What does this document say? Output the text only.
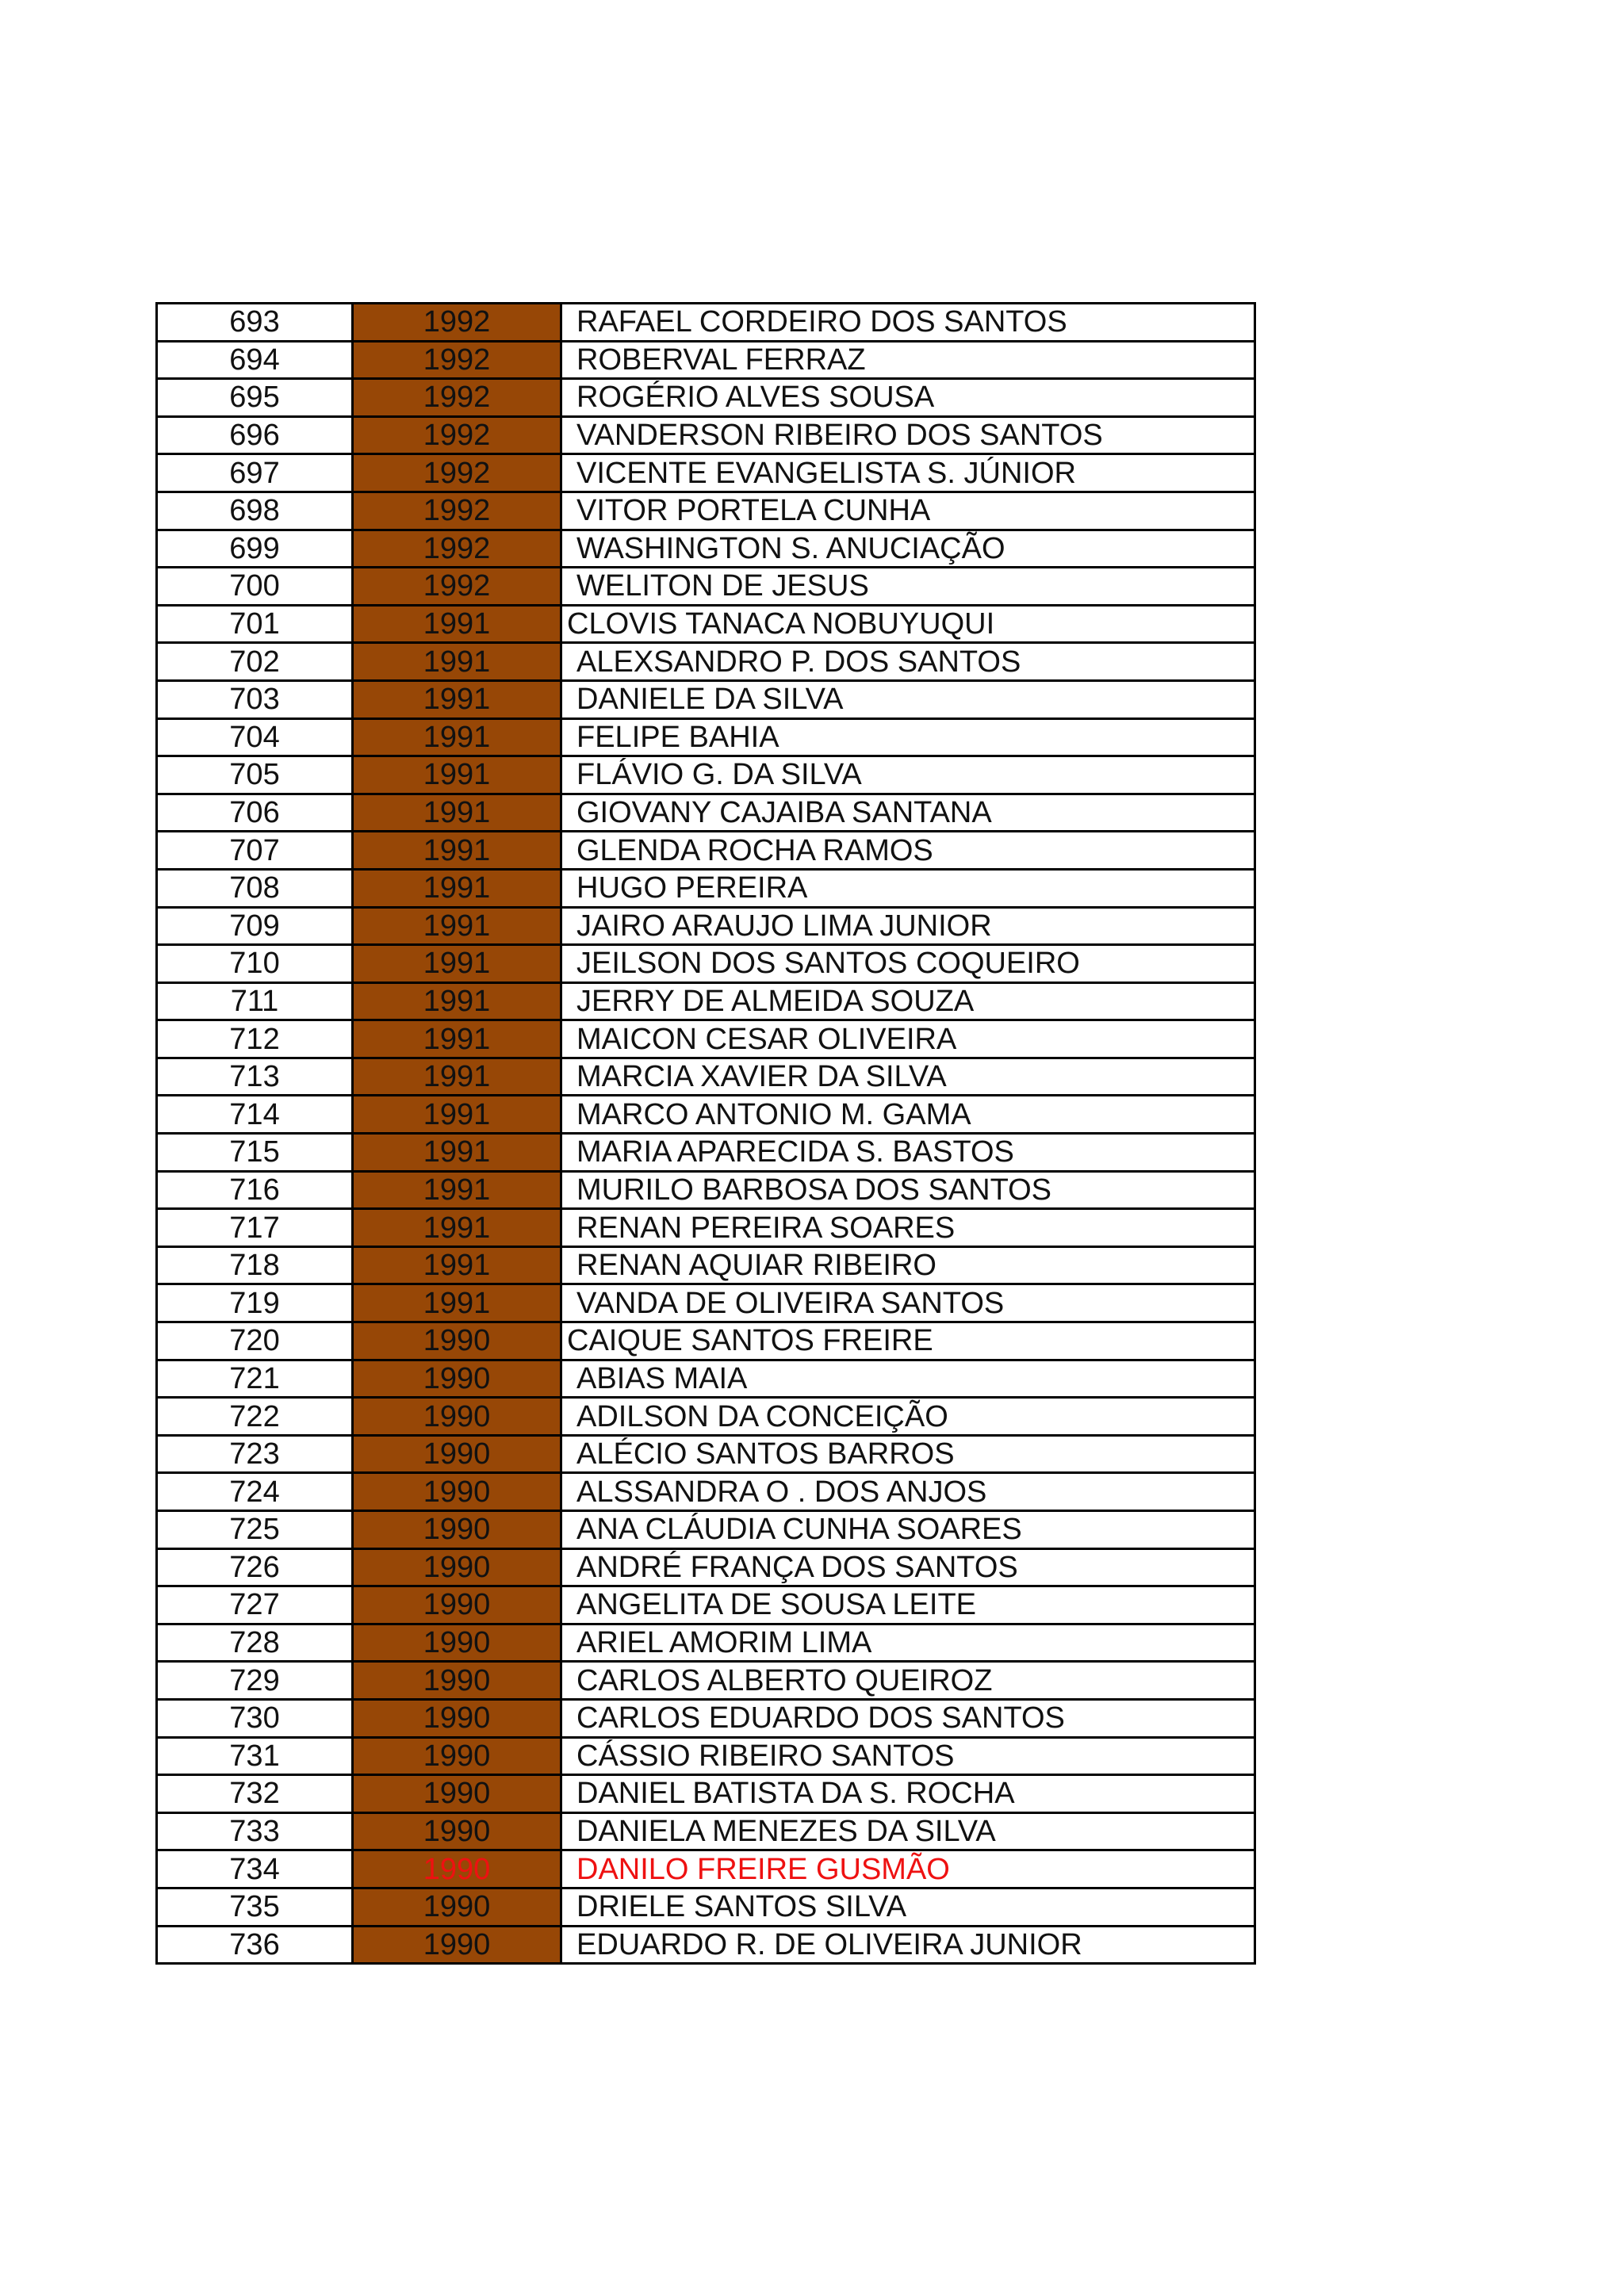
693	1992	RAFAEL CORDEIRO DOS SANTOS
694	1992	ROBERVAL FERRAZ
695	1992	ROGÉRIO ALVES SOUSA
696	1992	VANDERSON RIBEIRO DOS SANTOS
697	1992	VICENTE EVANGELISTA S. JÚNIOR
698	1992	VITOR PORTELA CUNHA
699	1992	WASHINGTON S. ANUCIAÇÃO
700	1992	WELITON DE JESUS
701	1991	CLOVIS TANACA NOBUYUQUI
702	1991	ALEXSANDRO P. DOS SANTOS
703	1991	DANIELE DA SILVA
704	1991	FELIPE BAHIA
705	1991	FLÁVIO G. DA SILVA
706	1991	GIOVANY CAJAIBA SANTANA
707	1991	GLENDA ROCHA RAMOS
708	1991	HUGO PEREIRA
709	1991	JAIRO ARAUJO LIMA JUNIOR
710	1991	JEILSON DOS SANTOS COQUEIRO
711	1991	JERRY DE ALMEIDA SOUZA
712	1991	MAICON CESAR OLIVEIRA
713	1991	MARCIA XAVIER DA SILVA
714	1991	MARCO ANTONIO M. GAMA
715	1991	MARIA APARECIDA S. BASTOS
716	1991	MURILO BARBOSA DOS SANTOS
717	1991	RENAN PEREIRA SOARES
718	1991	RENAN AQUIAR RIBEIRO
719	1991	VANDA DE OLIVEIRA SANTOS
720	1990	CAIQUE SANTOS FREIRE
721	1990	ABIAS MAIA
722	1990	ADILSON DA CONCEIÇÃO
723	1990	ALÉCIO SANTOS BARROS
724	1990	ALSSANDRA O . DOS ANJOS
725	1990	ANA CLÁUDIA CUNHA SOARES
726	1990	ANDRÉ FRANÇA DOS SANTOS
727	1990	ANGELITA DE SOUSA LEITE
728	1990	ARIEL AMORIM LIMA
729	1990	CARLOS ALBERTO QUEIROZ
730	1990	CARLOS EDUARDO DOS SANTOS
731	1990	CÁSSIO RIBEIRO SANTOS
732	1990	DANIEL BATISTA DA S. ROCHA
733	1990	DANIELA MENEZES DA SILVA
734	1990	DANILO FREIRE GUSMÃO
735	1990	DRIELE SANTOS SILVA
736	1990	EDUARDO R. DE OLIVEIRA JUNIOR
